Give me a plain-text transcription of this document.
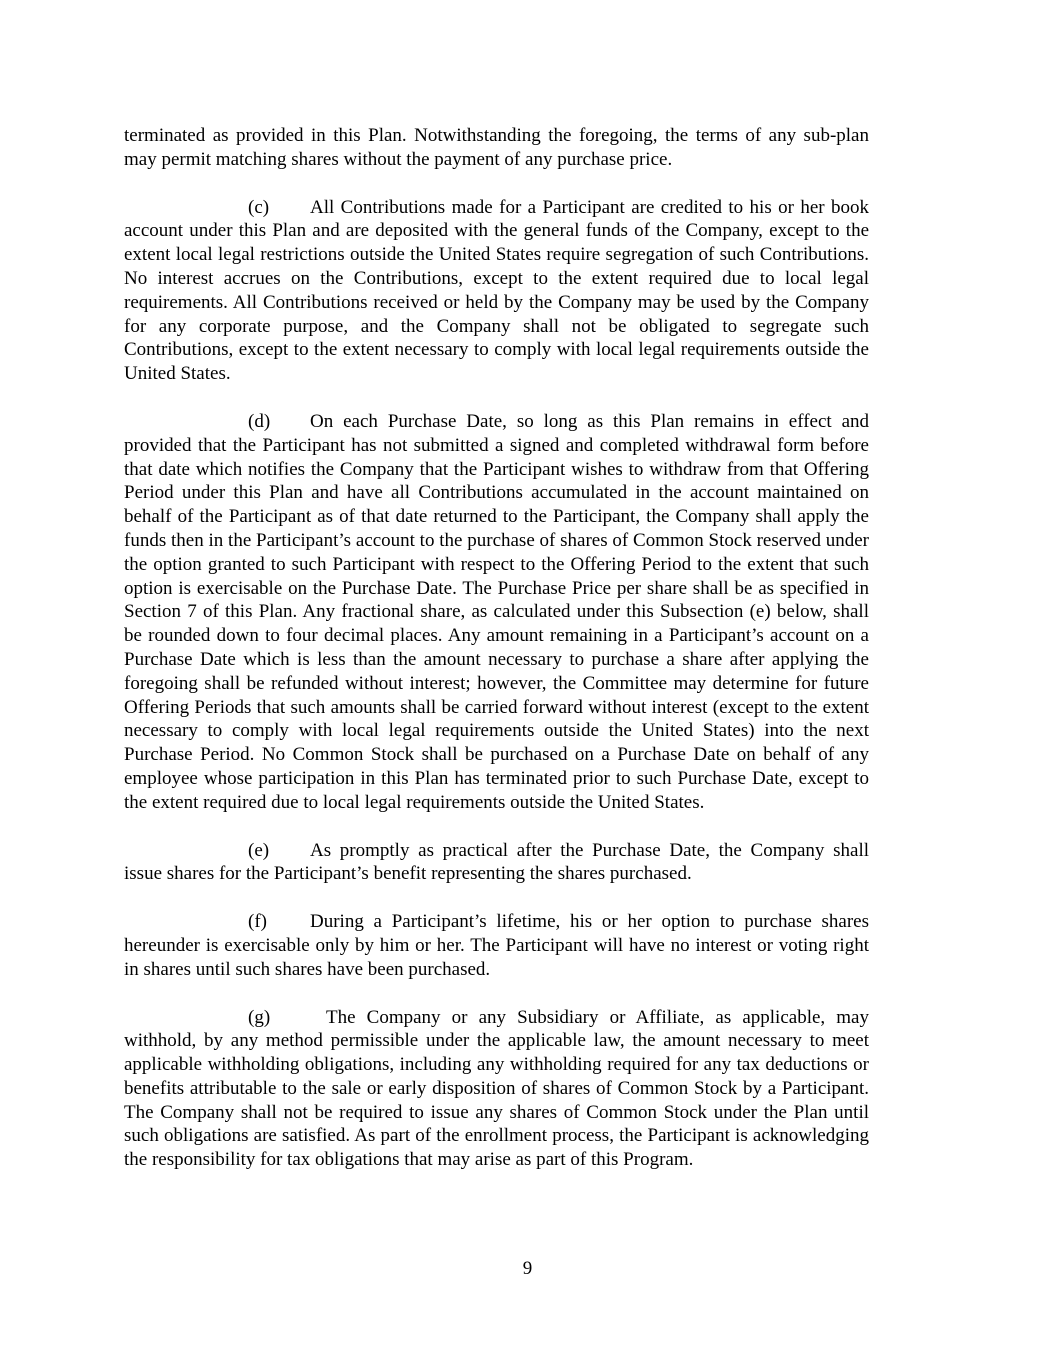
terminated as provided in this Plan. Notwithstanding the foregoing, the terms of any sub-plan may permit matching shares without the payment of any purchase price.

(c) All Contributions made for a Participant are credited to his or her book account under this Plan and are deposited with the general funds of the Company, except to the extent local legal restrictions outside the United States require segregation of such Contributions. No interest accrues on the Contributions, except to the extent required due to local legal requirements. All Contributions received or held by the Company may be used by the Company for any corporate purpose, and the Company shall not be obligated to segregate such Contributions, except to the extent necessary to comply with local legal requirements outside the United States.

(d) On each Purchase Date, so long as this Plan remains in effect and provided that the Participant has not submitted a signed and completed withdrawal form before that date which notifies the Company that the Participant wishes to withdraw from that Offering Period under this Plan and have all Contributions accumulated in the account maintained on behalf of the Participant as of that date returned to the Participant, the Company shall apply the funds then in the Participant’s account to the purchase of shares of Common Stock reserved under the option granted to such Participant with respect to the Offering Period to the extent that such option is exercisable on the Purchase Date. The Purchase Price per share shall be as specified in Section 7 of this Plan. Any fractional share, as calculated under this Subsection (e) below, shall be rounded down to four decimal places. Any amount remaining in a Participant’s account on a Purchase Date which is less than the amount necessary to purchase a share after applying the foregoing shall be refunded without interest; however, the Committee may determine for future Offering Periods that such amounts shall be carried forward without interest (except to the extent necessary to comply with local legal requirements outside the United States) into the next Purchase Period. No Common Stock shall be purchased on a Purchase Date on behalf of any employee whose participation in this Plan has terminated prior to such Purchase Date, except to the extent required due to local legal requirements outside the United States.

(e) As promptly as practical after the Purchase Date, the Company shall issue shares for the Participant’s benefit representing the shares purchased.

(f) During a Participant’s lifetime, his or her option to purchase shares hereunder is exercisable only by him or her. The Participant will have no interest or voting right in shares until such shares have been purchased.

(g)	The Company or any Subsidiary or Affiliate, as applicable, may withhold, by any method permissible under the applicable law, the amount necessary to meet applicable withholding obligations, including any withholding required for any tax deductions or benefits attributable to the sale or early disposition of shares of Common Stock by a Participant. The Company shall not be required to issue any shares of Common Stock under the Plan until such obligations are satisfied. As part of the enrollment process, the Participant is acknowledging the responsibility for tax obligations that may arise as part of this Program.

9
